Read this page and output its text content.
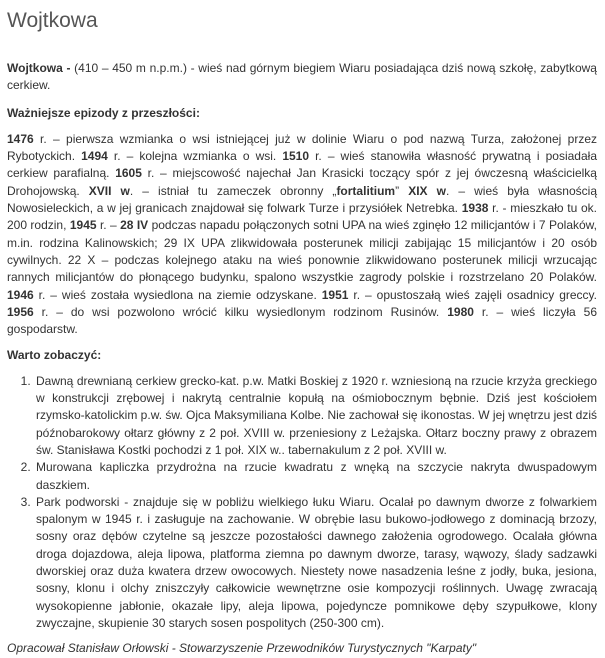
Wojtkowa

Wojtkowa - (410 – 450 m n.p.m.) - wieś nad górnym biegiem Wiaru posiadająca dziś nową szkołę, zabytkową cerkiew.

Ważniejsze epizody z przeszłości:

1476 r. – pierwsza wzmianka o wsi istniejącej już w dolinie Wiaru o pod nazwą Turza, założonej przez Rybotyckich. 1494 r. – kolejna wzmianka o wsi. 1510 r. – wieś stanowiła własność prywatną i posiadała cerkiew parafialną. 1605 r. – miejscowość najechał Jan Krasicki toczący spór z jej ówczesną właścicielką Drohojowską. XVII w. – istniał tu zameczek obronny „fortalitium” XIX w. – wieś była własnością Nowosieleckich, a w jej granicach znajdował się folwark Turze i przysiółek Netrebka. 1938 r. - mieszkało tu ok. 200 rodzin, 1945 r. – 28 IV podczas napadu połączonych sotni UPA na wieś zginęło 12 milicjantów i 7 Polaków, m.in. rodzina Kalinowskich; 29 IX UPA zlikwidowała posterunek milicji zabijając 15 milicjantów i 20 osób cywilnych. 22 X – podczas kolejnego ataku na wieś ponownie zlikwidowano posterunek milicji wrzucając rannych milicjantów do płonącego budynku, spalono wszystkie zagrody polskie i rozstrzelano 20 Polaków. 1946 r. – wieś została wysiedlona na ziemie odzyskane. 1951 r. – opustoszałą wieś zajęli osadnicy greccy. 1956 r. – do wsi pozwolono wrócić kilku wysiedlonym rodzinom Rusinów. 1980 r. – wieś liczyła 56 gospodarstw.

Warto zobaczyć:

1. Dawną drewnianą cerkiew grecko-kat. p.w. Matki Boskiej z 1920 r. wzniesioną na rzucie krzyża greckiego w konstrukcji zrębowej i nakrytą centralnie kopułą na ośmiobocznym bębnie. Dziś jest kościołem rzymsko-katolickim p.w. św. Ojca Maksymiliana Kolbe. Nie zachował się ikonostas. W jej wnętrzu jest dziś późnobarokowy ołtarz główny z 2 poł. XVIII w. przeniesiony z Leżajska. Ołtarz boczny prawy z obrazem św. Stanisława Kostki pochodzi z 1 poł. XIX w.. tabernakulum z 2 poł. XVIII w.
2. Murowana kapliczka przydrożna na rzucie kwadratu z wnęką na szczycie nakryta dwuspadowym daszkiem.
3. Park podworski - znajduje się w pobliżu wielkiego łuku Wiaru. Ocalał po dawnym dworze z folwarkiem spalonym w 1945 r. i zasługuje na zachowanie. W obrębie lasu bukowo-jodłowego z dominacją brzozy, sosny oraz dębów czytelne są jeszcze pozostałości dawnego założenia ogrodowego. Ocalała główna droga dojazdowa, aleja lipowa, platforma ziemna po dawnym dworze, tarasy, wąwozy, ślady sadzawki dworskiej oraz duża kwatera drzew owocowych. Niestety nowe nasadzenia leśne z jodły, buka, jesiona, sosny, klonu i olchy zniszczyły całkowicie wewnętrzne osie kompozycji roślinnych. Uwagę zwracają wysokopienne jabłonie, okazałe lipy, aleja lipowa, pojedyncze pomnikowe dęby szypułkowe, klony zwyczajne, skupienie 30 starych sosen pospolitych (250-300 cm).

Opracował Stanisław Orłowski - Stowarzyszenie Przewodników Turystycznych "Karpaty"
